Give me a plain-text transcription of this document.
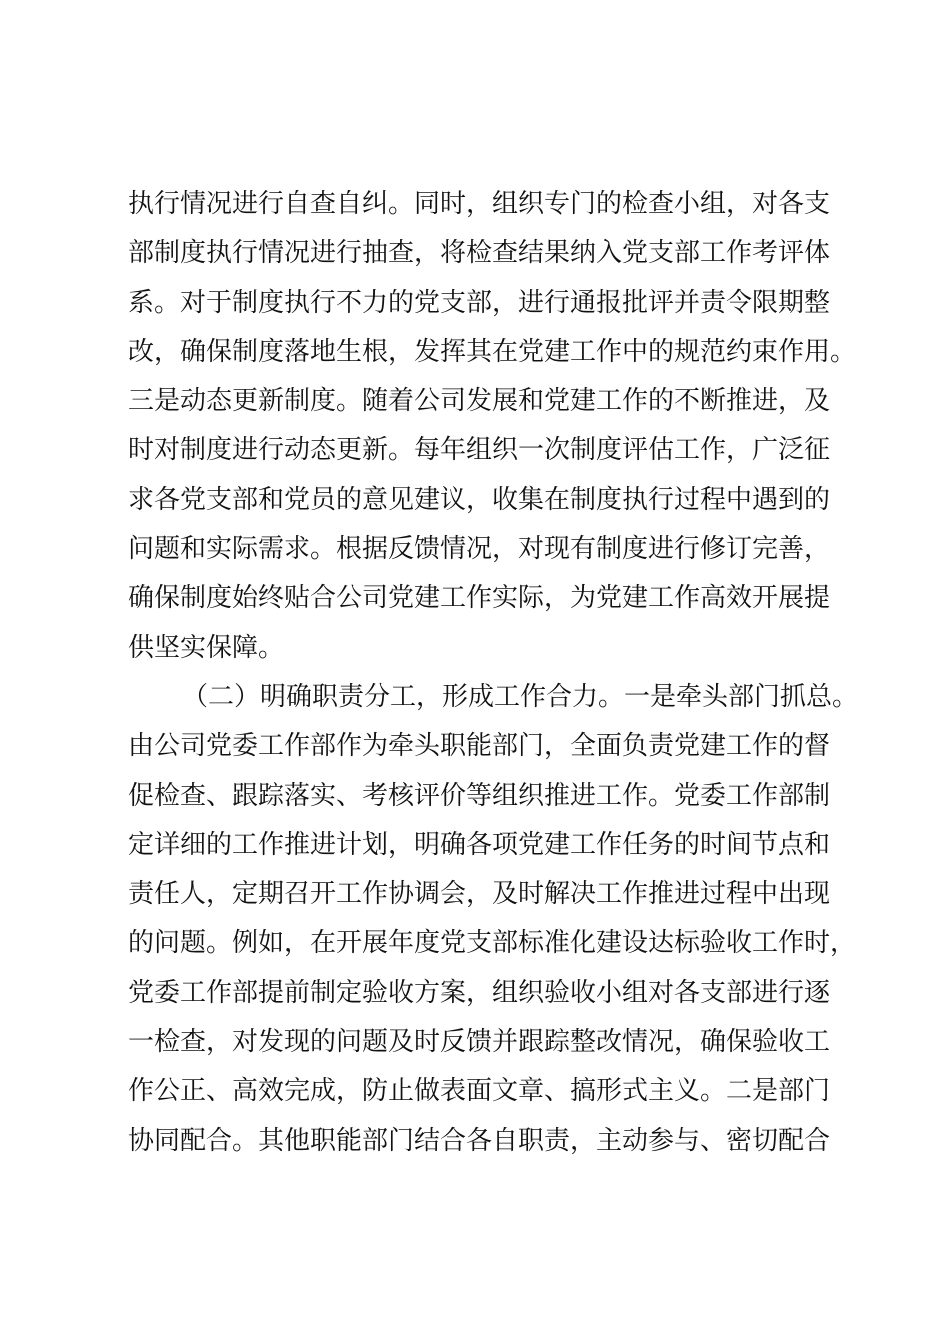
执行情况进行自查自纠。同时，组织专门的检查小组，对各支
部制度执行情况进行抽查，将检查结果纳入党支部工作考评体
系。对于制度执行不力的党支部，进行通报批评并责令限期整
改，确保制度落地生根，发挥其在党建工作中的规范约束作用。
三是动态更新制度。随着公司发展和党建工作的不断推进，及
时对制度进行动态更新。每年组织一次制度评估工作，广泛征
求各党支部和党员的意见建议，收集在制度执行过程中遇到的
问题和实际需求。根据反馈情况，对现有制度进行修订完善，
确保制度始终贴合公司党建工作实际，为党建工作高效开展提
供坚实保障。
（二）明确职责分工，形成工作合力。一是牵头部门抓总。
由公司党委工作部作为牵头职能部门，全面负责党建工作的督
促检查、跟踪落实、考核评价等组织推进工作。党委工作部制
定详细的工作推进计划，明确各项党建工作任务的时间节点和
责任人，定期召开工作协调会，及时解决工作推进过程中出现
的问题。例如，在开展年度党支部标准化建设达标验收工作时，
党委工作部提前制定验收方案，组织验收小组对各支部进行逐
一检查，对发现的问题及时反馈并跟踪整改情况，确保验收工
作公正、高效完成，防止做表面文章、搞形式主义。二是部门
协同配合。其他职能部门结合各自职责，主动参与、密切配合
